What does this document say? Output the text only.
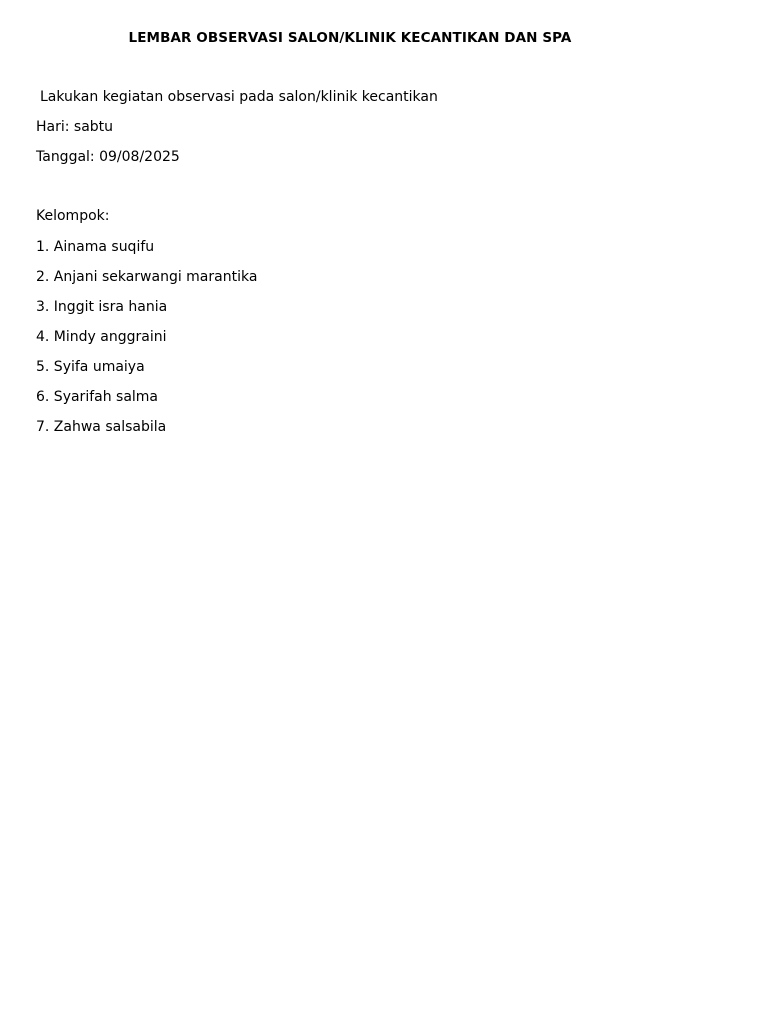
LEMBAR OBSERVASI SALON/KLINIK KECANTIKAN DAN SPA
Lakukan kegiatan observasi pada salon/klinik kecantikan
Hari: sabtu
Tanggal: 09/08/2025
Kelompok:
1. Ainama suqifu
2. Anjani sekarwangi marantika
3. Inggit isra hania
4. Mindy anggraini
5. Syifa umaiya
6. Syarifah salma
7. Zahwa salsabila
